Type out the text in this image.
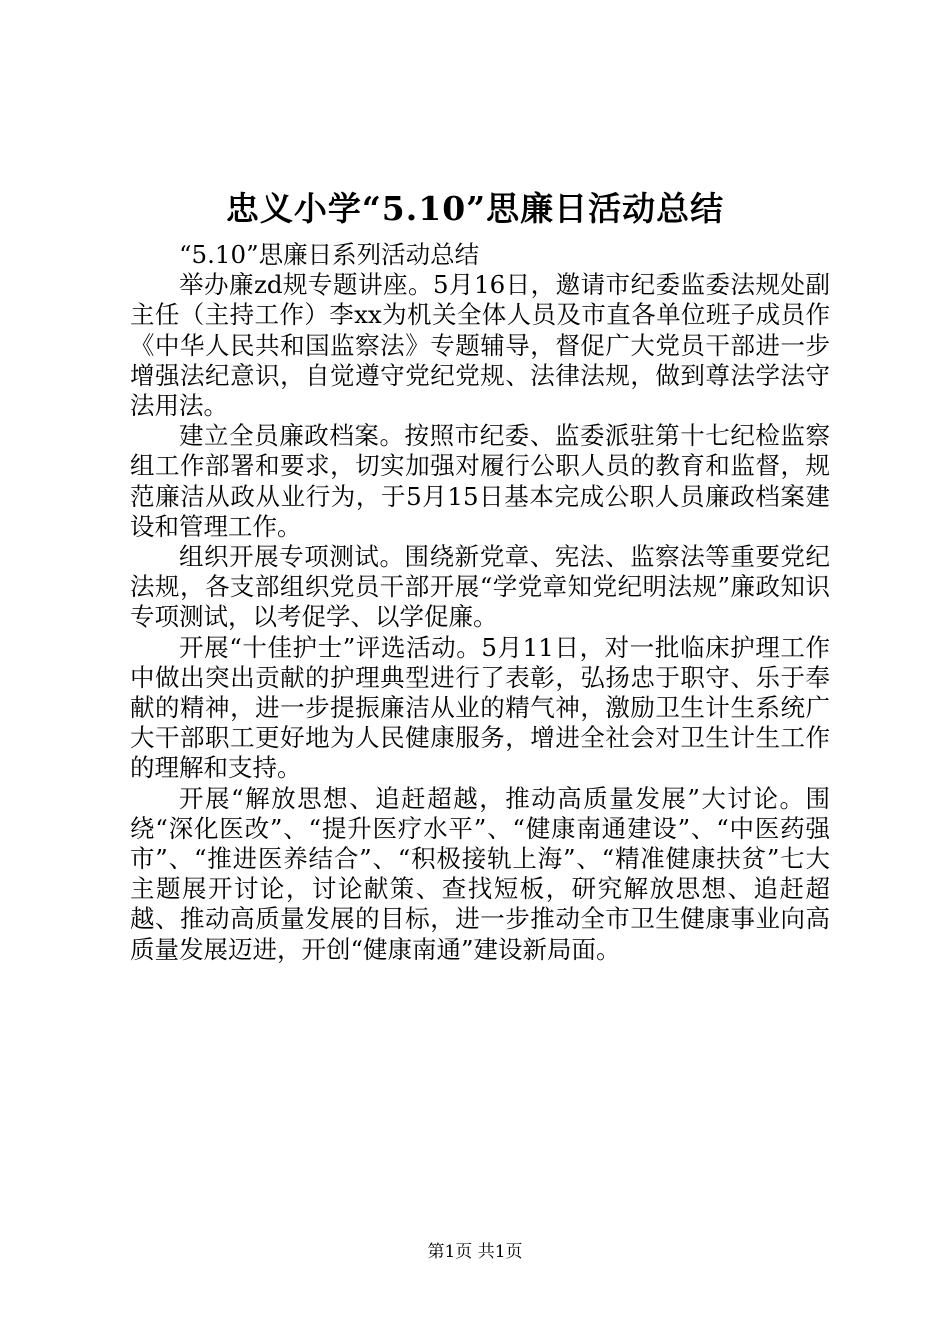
忠义小学“5.10”思廉日活动总结

“5.10”思廉日系列活动总结

举办廉zd规专题讲座。5月16日，邀请市纪委监委法规处副主任（主持工作）李xx为机关全体人员及市直各单位班子成员作《中华人民共和国监察法》专题辅导，督促广大党员干部进一步增强法纪意识，自觉遵守党纪党规、法律法规，做到尊法学法守法用法。

建立全员廉政档案。按照市纪委、监委派驻第十七纪检监察组工作部署和要求，切实加强对履行公职人员的教育和监督，规范廉洁从政从业行为，于5月15日基本完成公职人员廉政档案建设和管理工作。

组织开展专项测试。围绕新党章、宪法、监察法等重要党纪法规，各支部组织党员干部开展“学党章知党纪明法规”廉政知识专项测试，以考促学、以学促廉。

开展“十佳护士”评选活动。5月11日，对一批临床护理工作中做出突出贡献的护理典型进行了表彰，弘扬忠于职守、乐于奉献的精神，进一步提振廉洁从业的精气神，激励卫生计生系统广大干部职工更好地为人民健康服务，增进全社会对卫生计生工作的理解和支持。

开展“解放思想、追赶超越，推动高质量发展”大讨论。围绕“深化医改”、“提升医疗水平”、“健康南通建设”、“中医药强市”、“推进医养结合”、“积极接轨上海”、“精准健康扶贫”七大主题展开讨论，讨论献策、查找短板，研究解放思想、追赶超越、推动高质量发展的目标，进一步推动全市卫生健康事业向高质量发展迈进，开创“健康南通”建设新局面。

第1页 共1页
